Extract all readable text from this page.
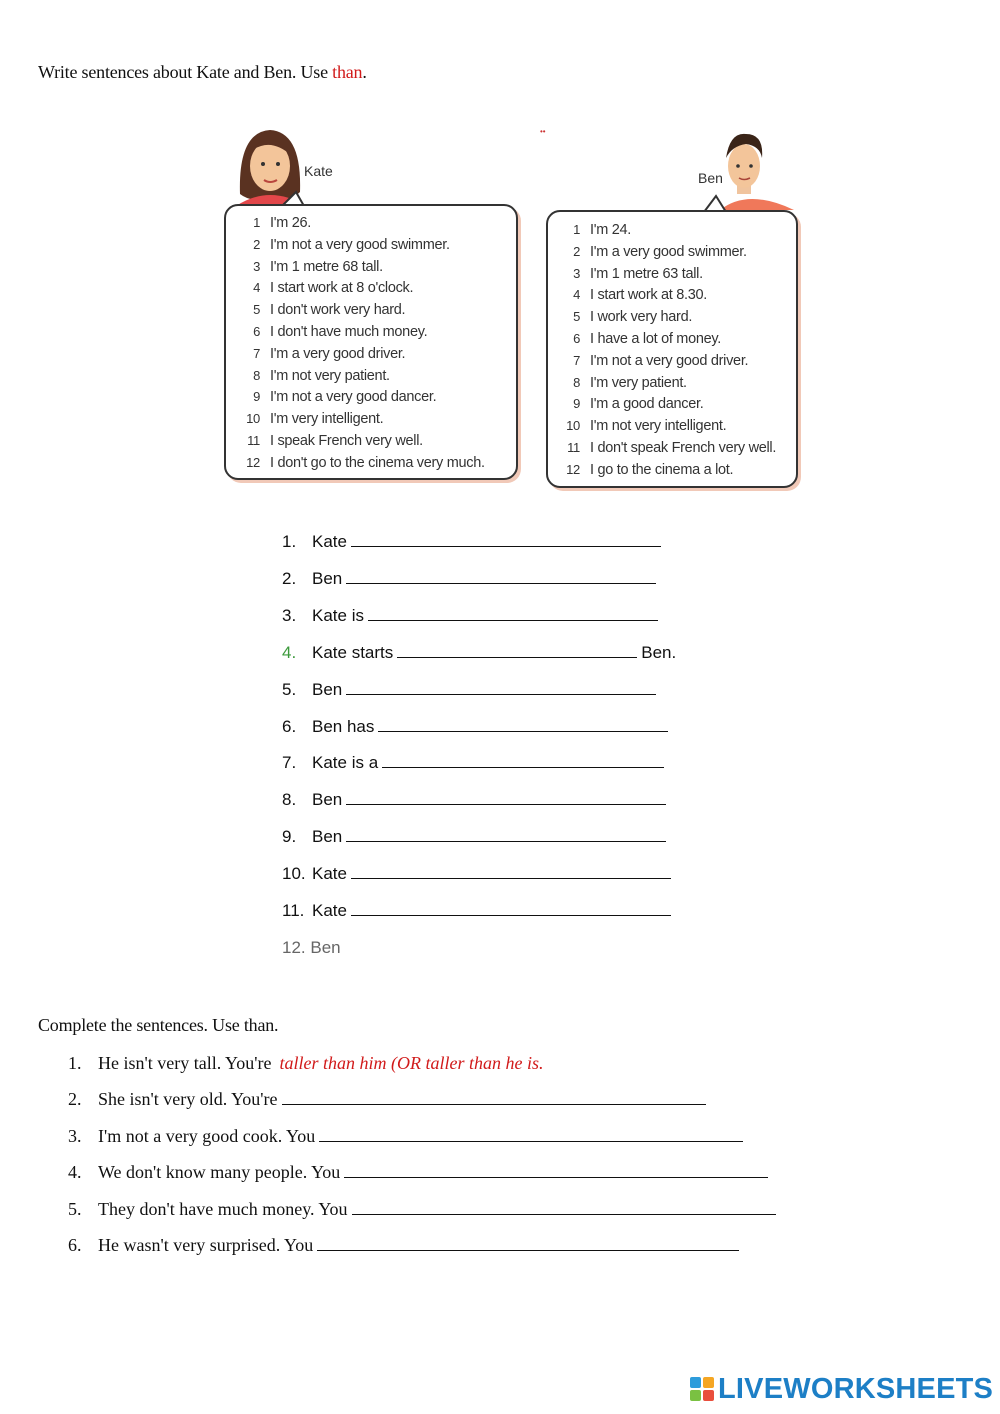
Write sentences about Kate and Ben. Use than.
••
Kate	Ben
1 I'm 26.
2 I'm not a very good swimmer.
3 I'm 1 metre 68 tall.
4 I start work at 8 o'clock.
5 I don't work very hard.
6 I don't have much money.
7 I'm a very good driver.
8 I'm not very patient.
9 I'm not a very good dancer.
10 I'm very intelligent.
11 I speak French very well.
12 I don't go to the cinema very much.
1 I'm 24.
2 I'm a very good swimmer.
3 I'm 1 metre 63 tall.
4 I start work at 8.30.
5 I work very hard.
6 I have a lot of money.
7 I'm not a very good driver.
8 I'm very patient.
9 I'm a good dancer.
10 I'm not very intelligent.
11 I don't speak French very well.
12 I go to the cinema a lot.
1. Kate
2. Ben
3. Kate is
4. Kate starts	Ben.
5. Ben
6. Ben has
7. Kate is a
8. Ben
9. Ben
10. Kate
11. Kate
12. Ben
Complete the sentences. Use than.
1. He isn't very tall. You're taller than him (OR taller than he is.
2. She isn't very old. You're
3. I'm not a very good cook. You
4. We don't know many people. You
5. They don't have much money. You
6. He wasn't very surprised. You
LIVEWORKSHEETS
